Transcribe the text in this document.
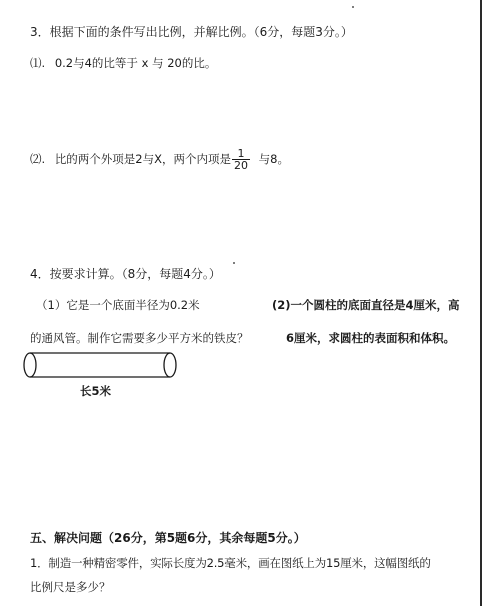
3．根据下面的条件写出比例，并解比例。（6分，每题3分。）
⑴. 0.2与4的比等于 x 与 20的比。
⑵. 比的两个外项是2与X，两个内项是 $\frac{1}{20}$ 与8。
4．按要求计算。（8分，每题4分。）
（1）它是一个底面半径为0.2米	(2)一个圆柱的底面直径是4厘米，高
的通风管。制作它需要多少平方米的铁皮？	6厘米，求圆柱的表面积和体积。
长5米
五、解决问题（26分，第5题6分，其余每题5分。）
1．制造一种精密零件，实际长度为2.5毫米，画在图纸上为15厘米，这幅图纸的
比例尺是多少？
